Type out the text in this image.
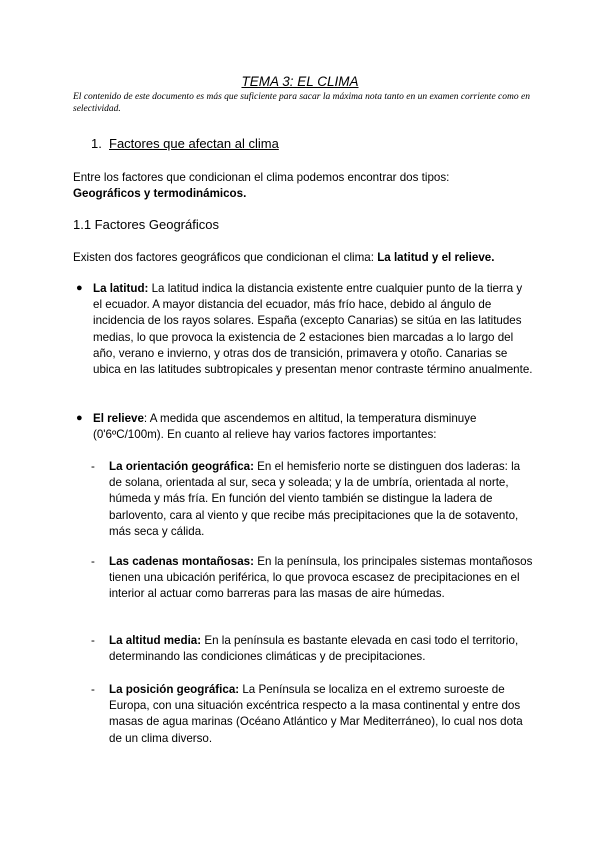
TEMA 3: EL CLIMA
El contenido de este documento es más que suficiente para sacar la máxima nota tanto en un examen corriente como en selectividad.
1. Factores que afectan al clima
Entre los factores que condicionan el clima podemos encontrar dos tipos:
Geográficos y termodinámicos.
1.1 Factores Geográficos
Existen dos factores geográficos que condicionan el clima: La latitud y el relieve.
● La latitud: La latitud indica la distancia existente entre cualquier punto de la tierra y el ecuador. A mayor distancia del ecuador, más frío hace, debido al ángulo de incidencia de los rayos solares. España (excepto Canarias) se sitúa en las latitudes medias, lo que provoca la existencia de 2 estaciones bien marcadas a lo largo del año, verano e invierno, y otras dos de transición, primavera y otoño. Canarias se ubica en las latitudes subtropicales y presentan menor contraste término anualmente.
● El relieve: A medida que ascendemos en altitud, la temperatura disminuye (0'6ºC/100m). En cuanto al relieve hay varios factores importantes:
- La orientación geográfica: En el hemisferio norte se distinguen dos laderas: la de solana, orientada al sur, seca y soleada; y la de umbría, orientada al norte, húmeda y más fría. En función del viento también se distingue la ladera de barlovento, cara al viento y que recibe más precipitaciones que la de sotavento, más seca y cálida.
- Las cadenas montañosas: En la península, los principales sistemas montañosos tienen una ubicación periférica, lo que provoca escasez de precipitaciones en el interior al actuar como barreras para las masas de aire húmedas.
- La altitud media: En la península es bastante elevada en casi todo el territorio, determinando las condiciones climáticas y de precipitaciones.
- La posición geográfica: La Península se localiza en el extremo suroeste de Europa, con una situación excéntrica respecto a la masa continental y entre dos masas de agua marinas (Océano Atlántico y Mar Mediterráneo), lo cual nos dota de un clima diverso.
